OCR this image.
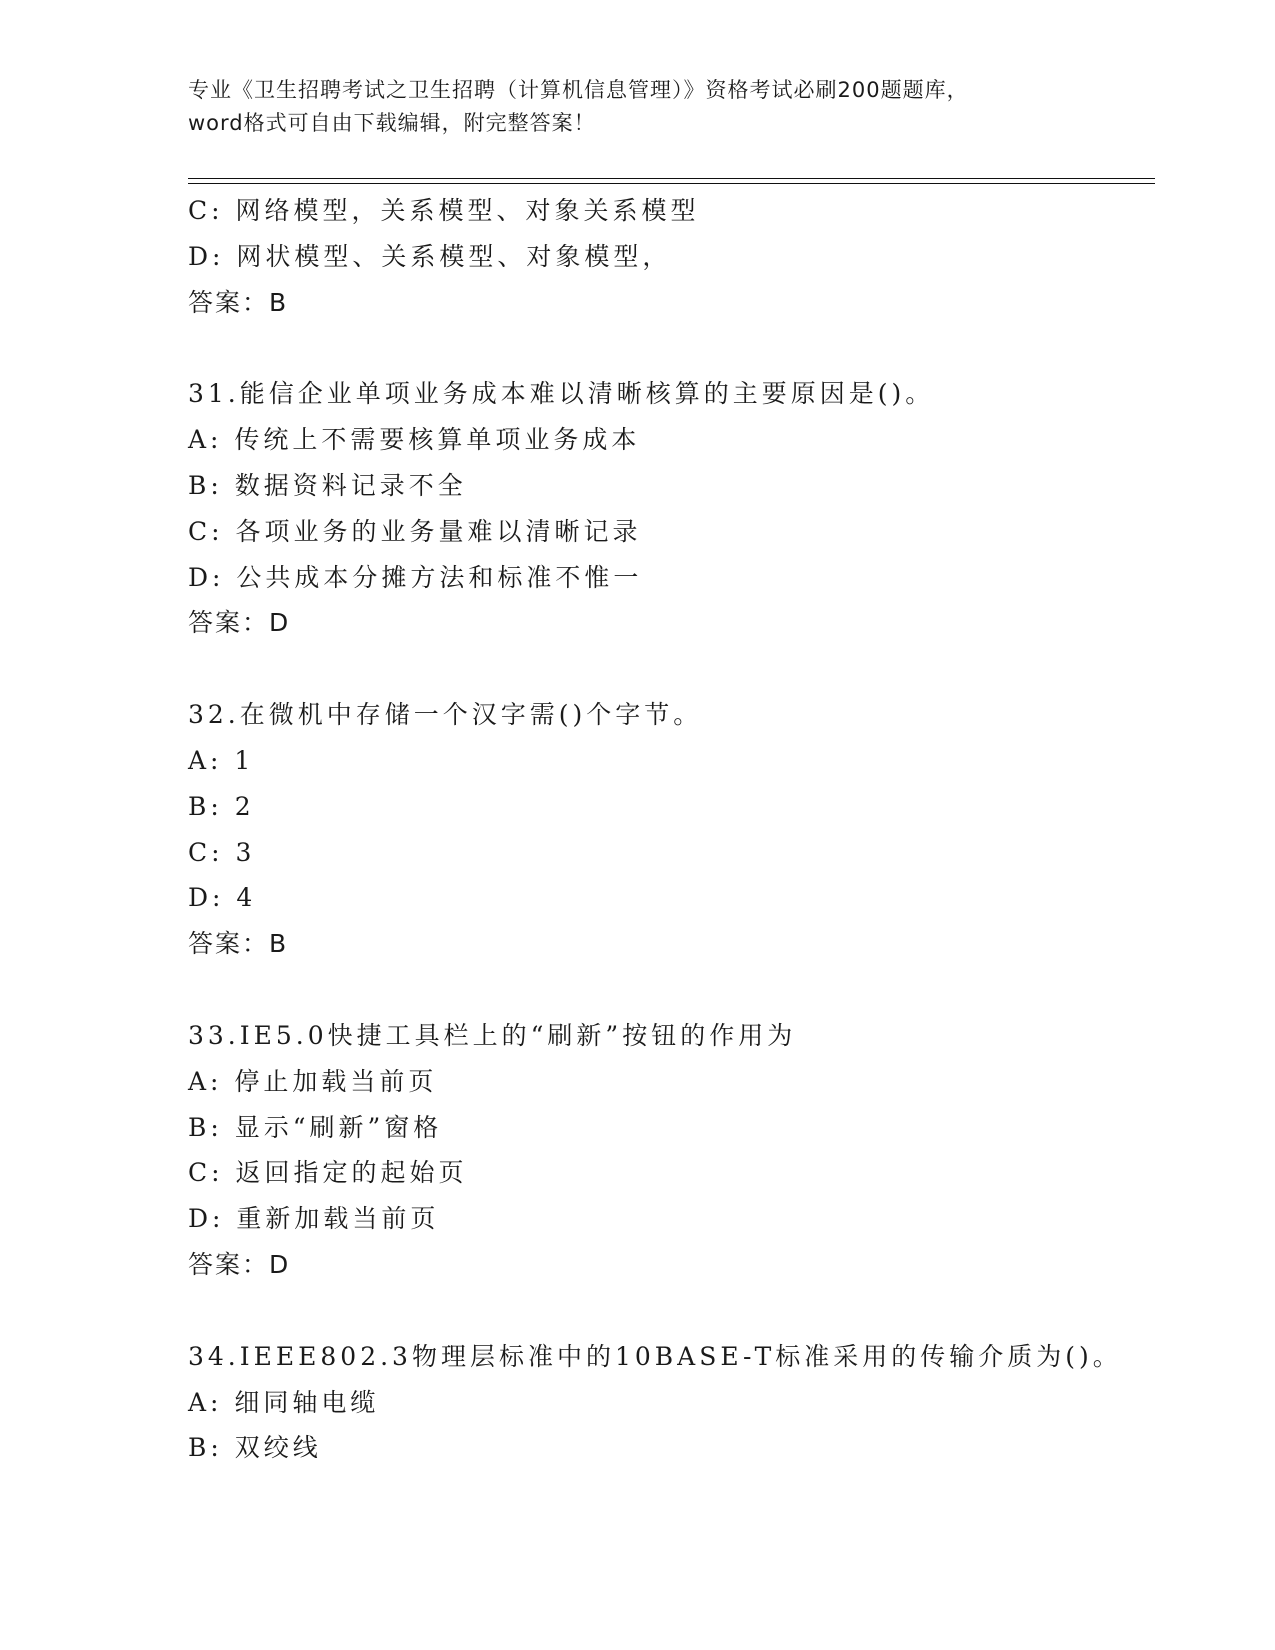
专业《卫生招聘考试之卫生招聘（计算机信息管理）》资格考试必刷200题题库，
word格式可自由下载编辑，附完整答案！
C: 网络模型，关系模型、对象关系模型
D: 网状模型、关系模型、对象模型，
答案：B
31.能信企业单项业务成本难以清晰核算的主要原因是()。
A: 传统上不需要核算单项业务成本
B: 数据资料记录不全
C: 各项业务的业务量难以清晰记录
D: 公共成本分摊方法和标准不惟一
答案：D
32.在微机中存储一个汉字需()个字节。
A: 1
B: 2
C: 3
D: 4
答案：B
33.IE5.0快捷工具栏上的“刷新”按钮的作用为
A: 停止加载当前页
B: 显示“刷新”窗格
C: 返回指定的起始页
D: 重新加载当前页
答案：D
34.IEEE802.3物理层标准中的10BASE-T标准采用的传输介质为()。
A: 细同轴电缆
B: 双绞线
